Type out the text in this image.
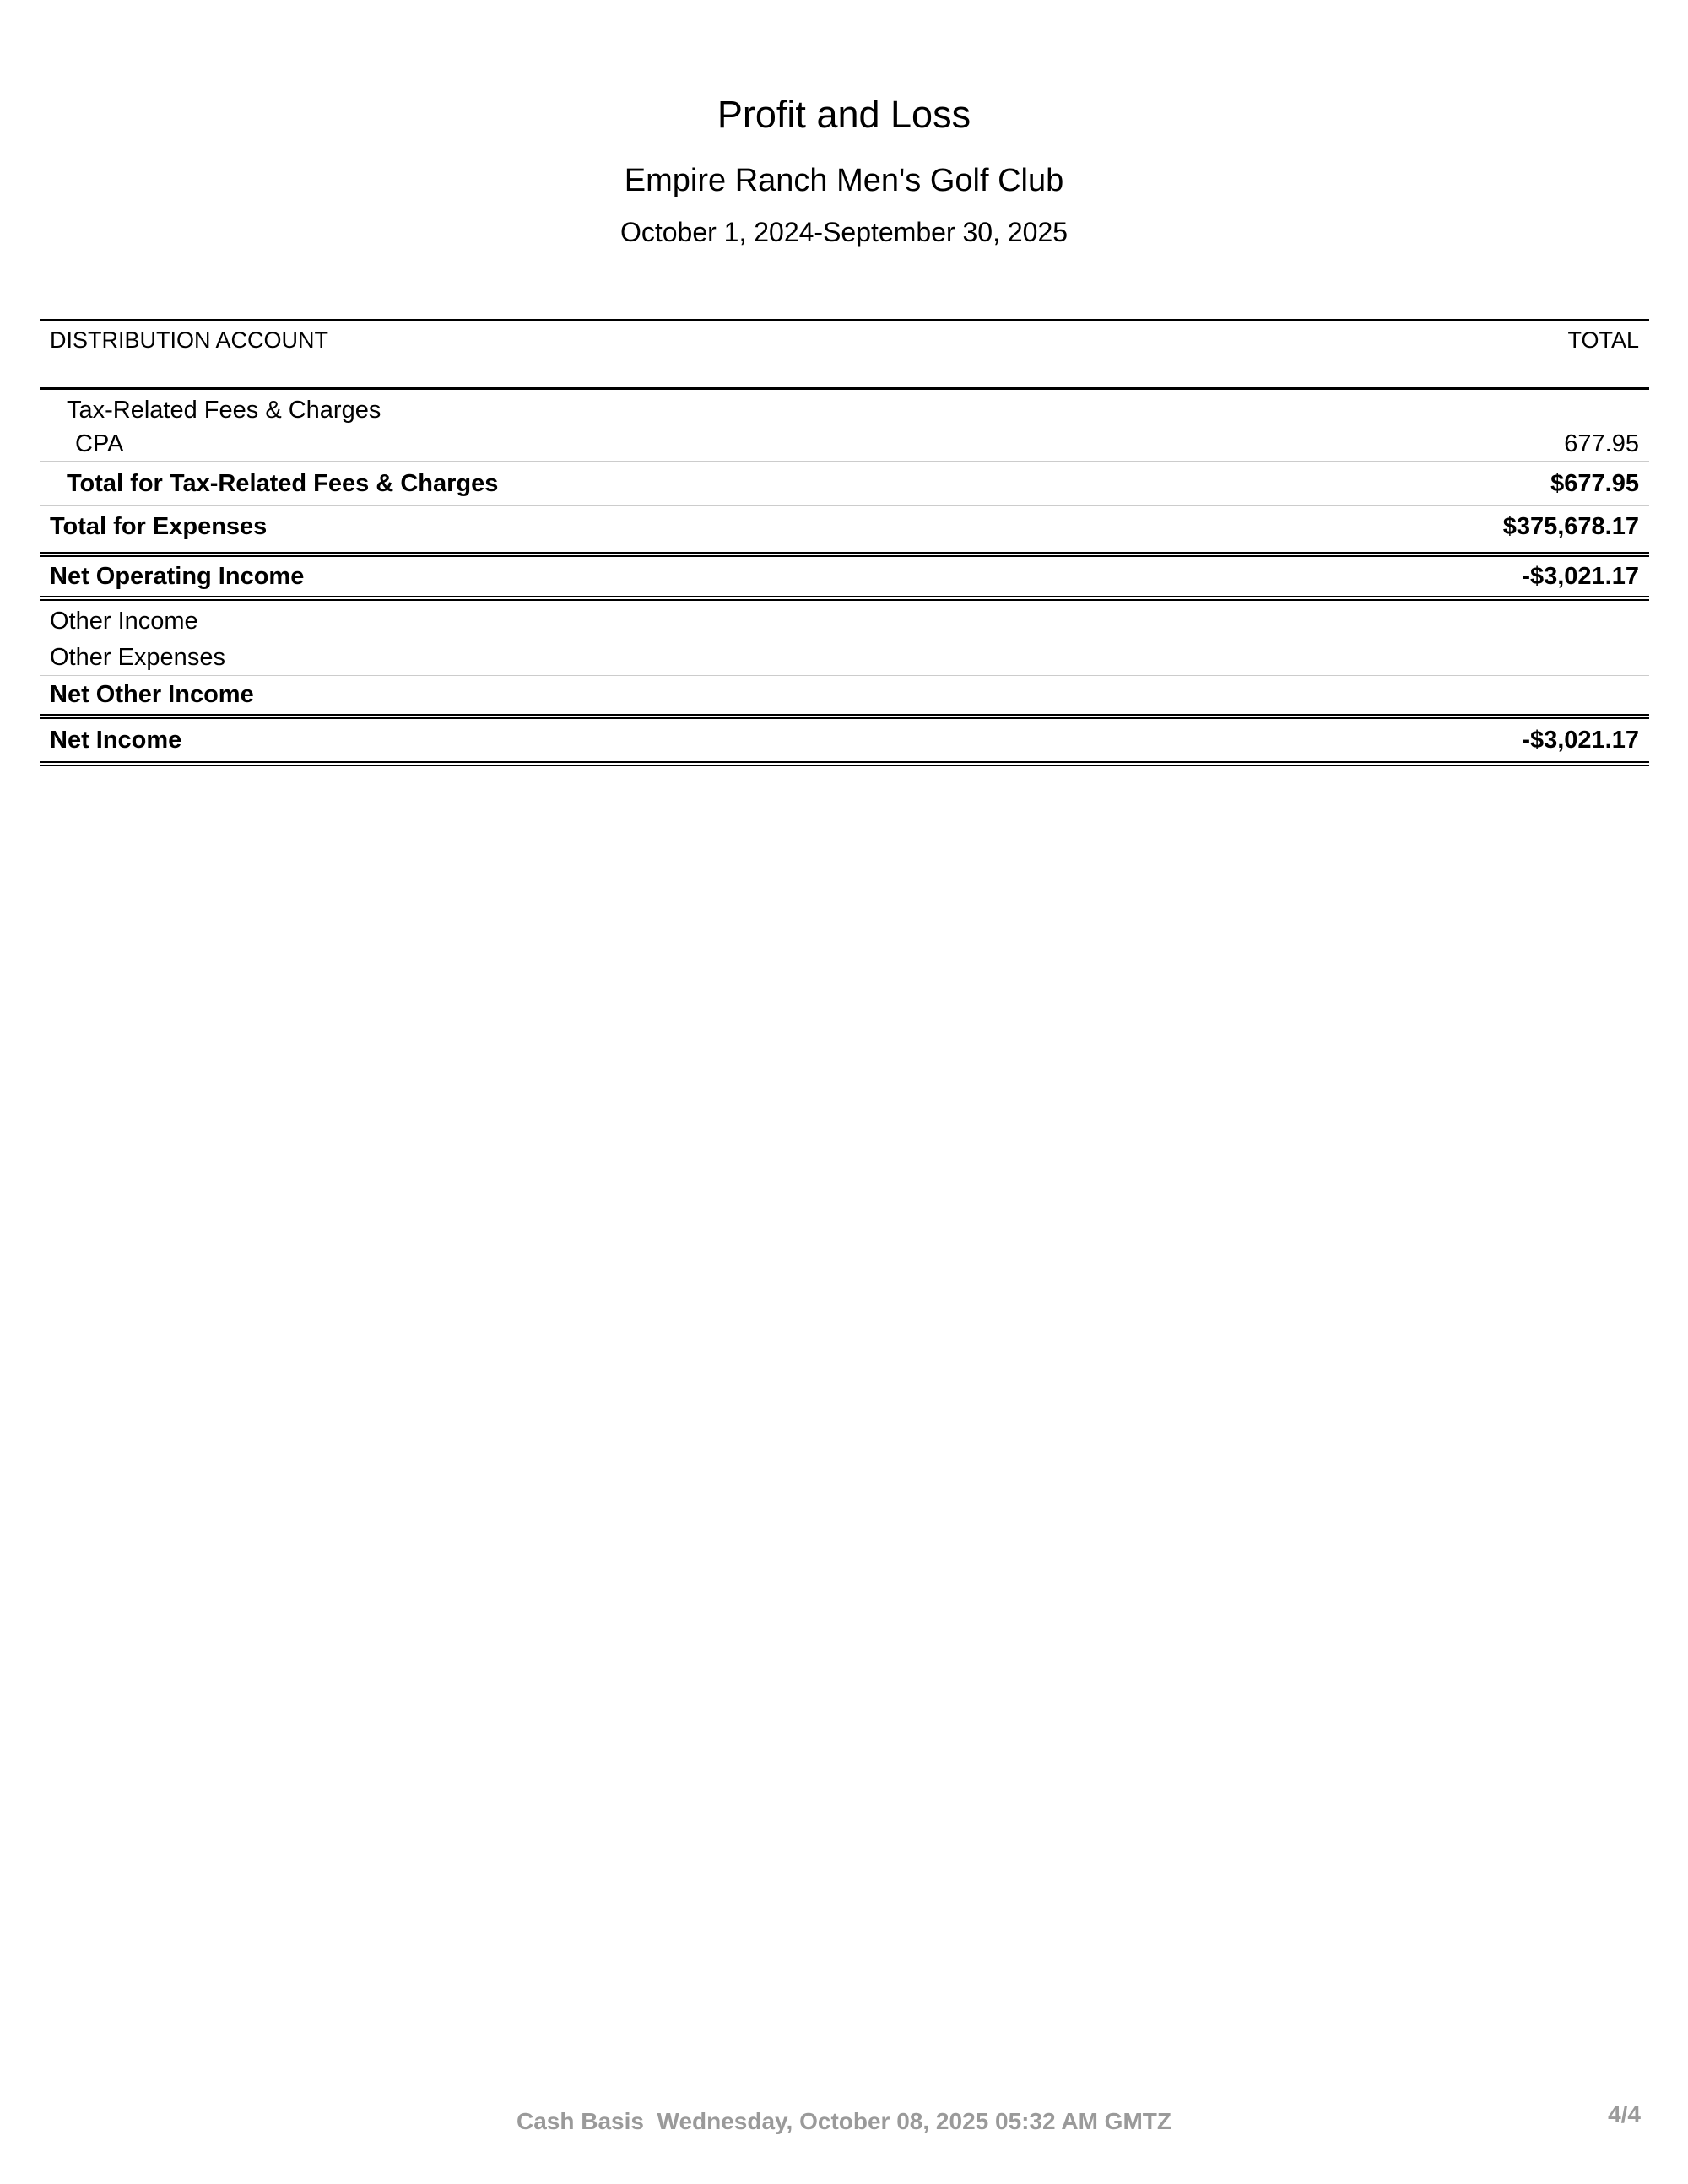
Profit and Loss
Empire Ranch Men's Golf Club
October 1, 2024-September 30, 2025
DISTRIBUTION ACCOUNT	TOTAL
Tax-Related Fees & Charges
CPA	677.95
Total for Tax-Related Fees & Charges	$677.95
Total for Expenses	$375,678.17
Net Operating Income	-$3,021.17
Other Income
Other Expenses
Net Other Income
Net Income	-$3,021.17
Cash Basis  Wednesday, October 08, 2025 05:32 AM GMTZ	4/4
